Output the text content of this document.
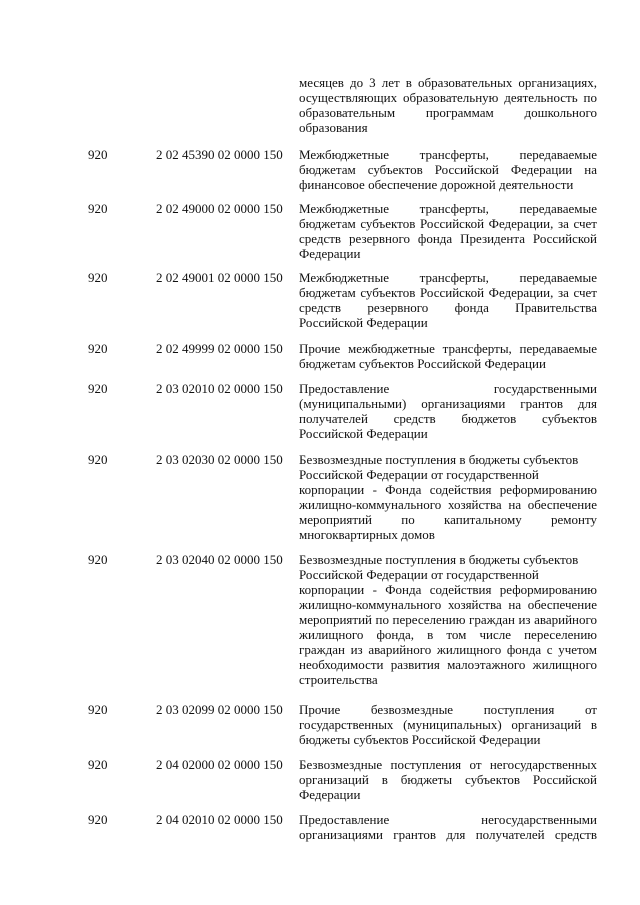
месяцев до 3 лет в образовательных организациях,
осуществляющих образовательную деятельность по
образовательным программам дошкольного
образования
920	2 02 45390 02 0000 150 Межбюджетные трансферты, передаваемые
бюджетам субъектов Российской Федерации на
финансовое обеспечение дорожной деятельности
920	2 02 49000 02 0000 150 Межбюджетные трансферты, передаваемые
бюджетам субъектов Российской Федерации, за счет
средств резервного фонда Президента Российской
Федерации
920	2 02 49001 02 0000 150 Межбюджетные трансферты, передаваемые
бюджетам субъектов Российской Федерации, за счет
средств резервного фонда Правительства
Российской Федерации
920	2 02 49999 02 0000 150 Прочие межбюджетные трансферты, передаваемые
бюджетам субъектов Российской Федерации
920	2 03 02010 02 0000 150 Предоставление государственными
(муниципальными) организациями грантов для
получателей средств бюджетов субъектов
Российской Федерации
920	2 03 02030 02 0000 150 Безвозмездные поступления в бюджеты субъектов
Российской Федерации от государственной
корпорации - Фонда содействия реформированию
жилищно-коммунального хозяйства на обеспечение
мероприятий по капитальному ремонту
многоквартирных домов
920	2 03 02040 02 0000 150 Безвозмездные поступления в бюджеты субъектов
Российской Федерации от государственной
корпорации - Фонда содействия реформированию
жилищно-коммунального хозяйства на обеспечение
мероприятий по переселению граждан из аварийного
жилищного фонда, в том числе переселению
граждан из аварийного жилищного фонда с учетом
необходимости развития малоэтажного жилищного
строительства
920	2 03 02099 02 0000 150 Прочие безвозмездные поступления от
государственных (муниципальных) организаций в
бюджеты субъектов Российской Федерации
920	2 04 02000 02 0000 150 Безвозмездные поступления от негосударственных
организаций в бюджеты субъектов Российской
Федерации
920	2 04 02010 02 0000 150 Предоставление негосударственными
организациями грантов для получателей средств
